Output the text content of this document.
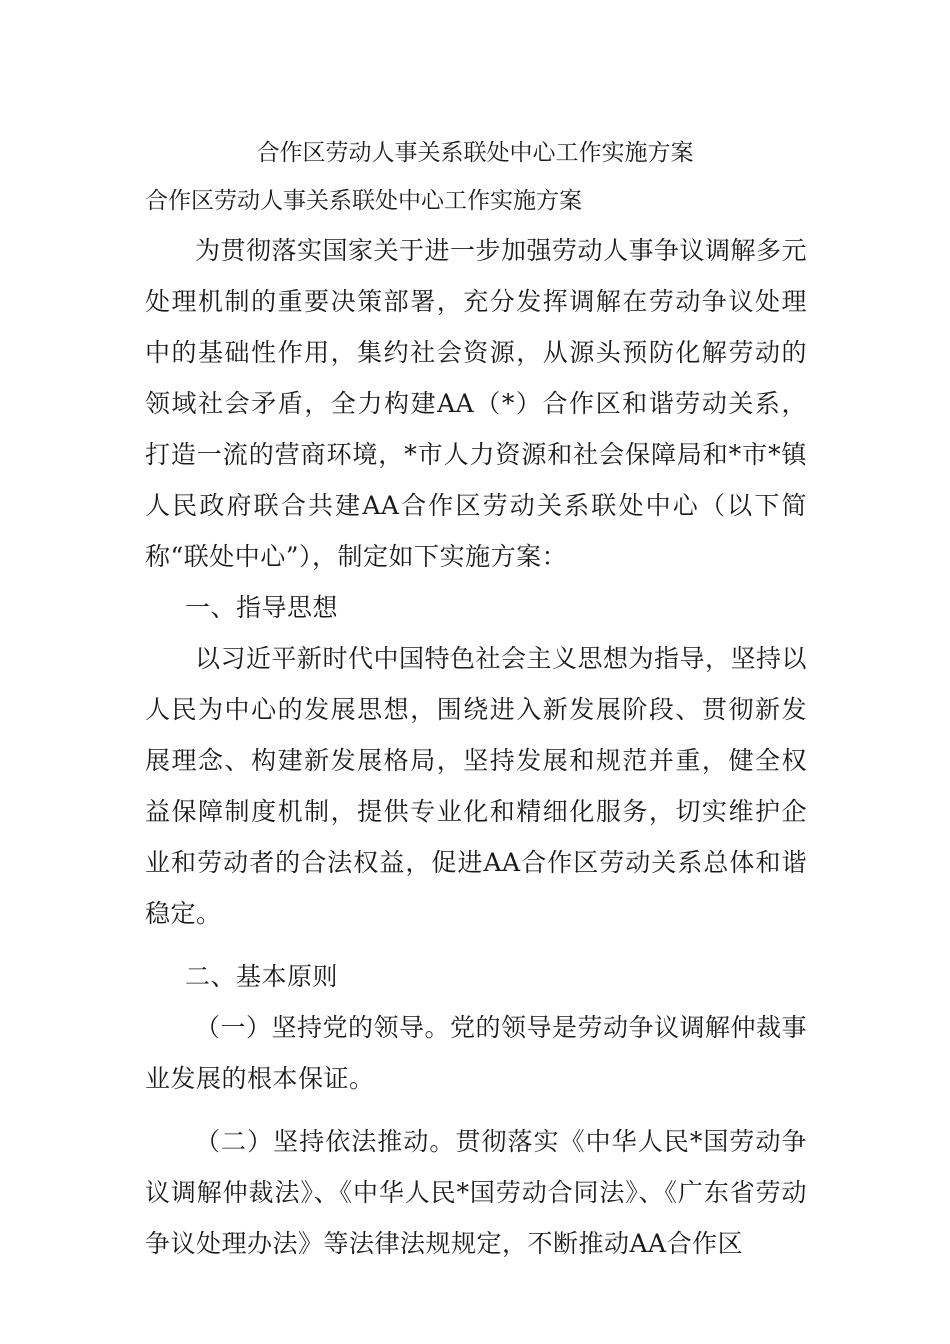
合作区劳动人事关系联处中心工作实施方案
合作区劳动人事关系联处中心工作实施方案

为贯彻落实国家关于进一步加强劳动人事争议调解多元处理机制的重要决策部署，充分发挥调解在劳动争议处理中的基础性作用，集约社会资源，从源头预防化解劳动的领域社会矛盾，全力构建AA（*）合作区和谐劳动关系，打造一流的营商环境，*市人力资源和社会保障局和*市*镇人民政府联合共建AA合作区劳动关系联处中心（以下简称“联处中心”），制定如下实施方案：

一、指导思想

以习近平新时代中国特色社会主义思想为指导，坚持以人民为中心的发展思想，围绕进入新发展阶段、贯彻新发展理念、构建新发展格局，坚持发展和规范并重，健全权益保障制度机制，提供专业化和精细化服务，切实维护企业和劳动者的合法权益，促进AA合作区劳动关系总体和谐稳定。

二、基本原则

（一）坚持党的领导。党的领导是劳动争议调解仲裁事业发展的根本保证。

（二）坚持依法推动。贯彻落实《中华人民*国劳动争议调解仲裁法》、《中华人民*国劳动合同法》、《广东省劳动争议处理办法》等法律法规规定，不断推动AA合作区
